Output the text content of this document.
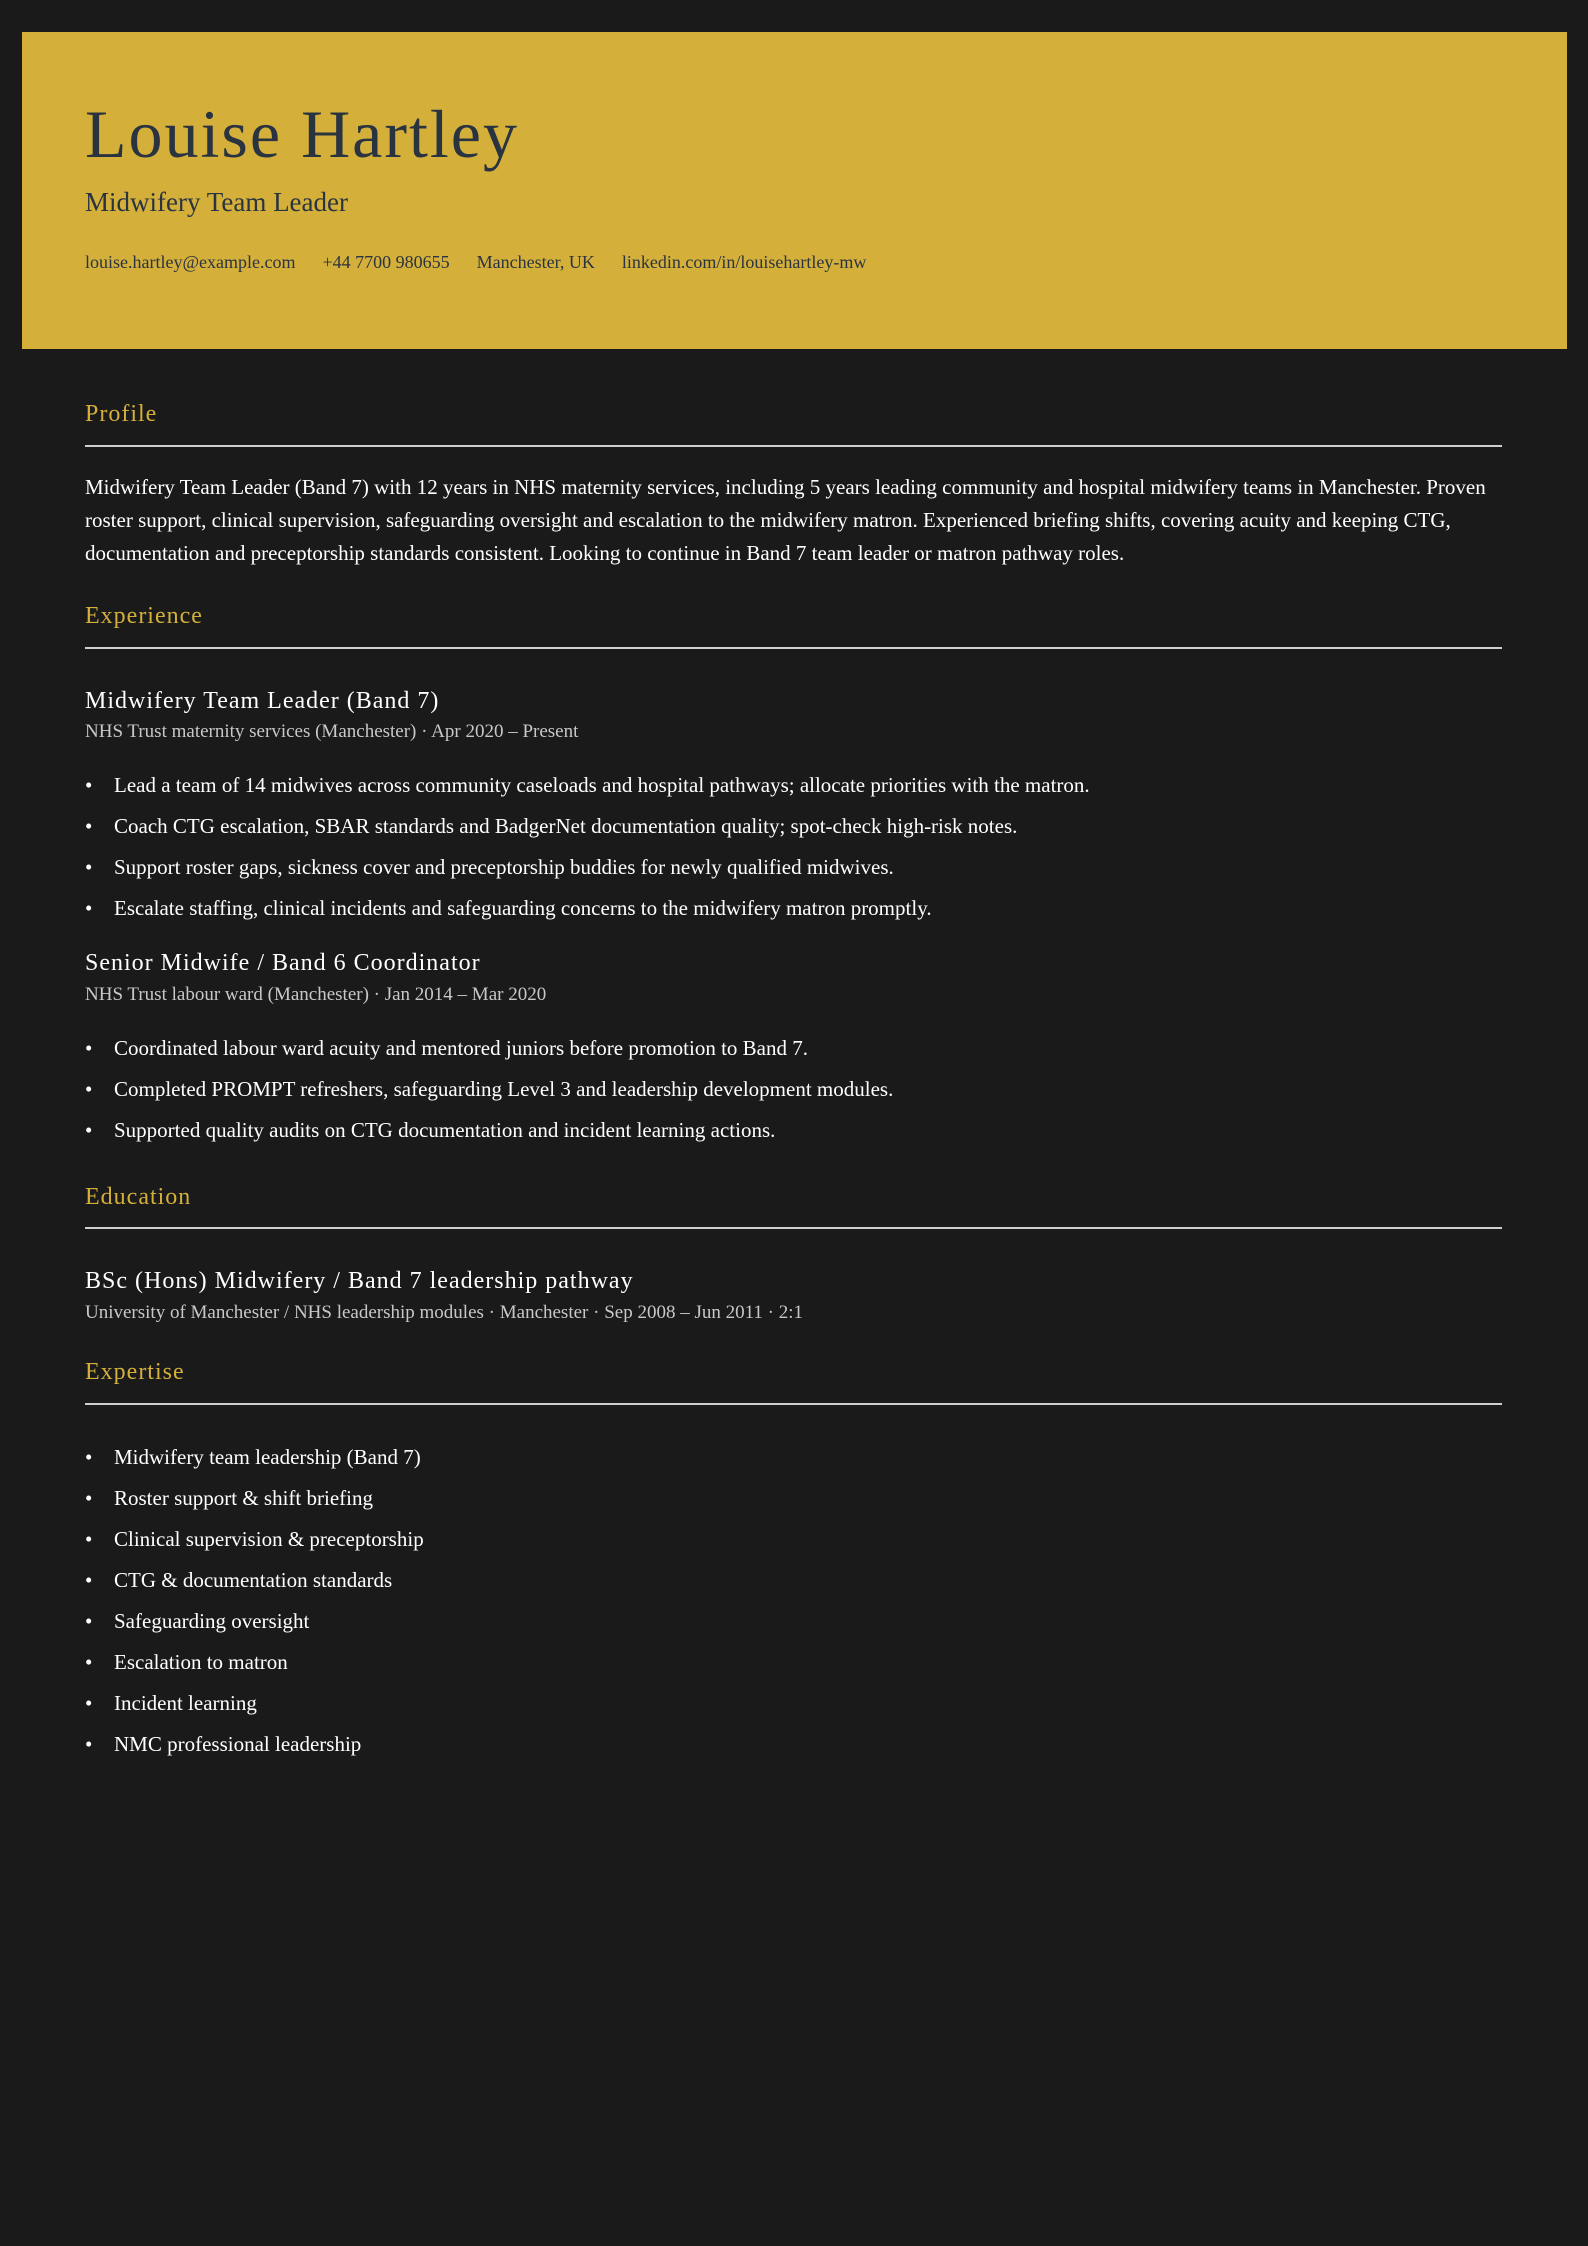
Louise Hartley
Midwifery Team Leader
louise.hartley@example.com +44 7700 980655 Manchester, UK linkedin.com/in/louisehartley-mw
Profile

Midwifery Team Leader (Band 7) with 12 years in NHS maternity services, including 5 years leading community and hospital midwifery teams in Manchester. Proven roster support, clinical supervision, safeguarding oversight and escalation to the midwifery matron. Experienced briefing shifts, covering acuity and keeping CTG, documentation and preceptorship standards consistent. Looking to continue in Band 7 team leader or matron pathway roles.

Experience
Midwifery Team Leader (Band 7)
NHS Trust maternity services (Manchester) · Apr 2020 – Present
• Lead a team of 14 midwives across community caseloads and hospital pathways; allocate priorities with the matron.
• Coach CTG escalation, SBAR standards and BadgerNet documentation quality; spot-check high-risk notes.
• Support roster gaps, sickness cover and preceptorship buddies for newly qualified midwives.
• Escalate staffing, clinical incidents and safeguarding concerns to the midwifery matron promptly.
Senior Midwife / Band 6 Coordinator
NHS Trust labour ward (Manchester) · Jan 2014 – Mar 2020
• Coordinated labour ward acuity and mentored juniors before promotion to Band 7.
• Completed PROMPT refreshers, safeguarding Level 3 and leadership development modules.
• Supported quality audits on CTG documentation and incident learning actions.
Education
BSc (Hons) Midwifery / Band 7 leadership pathway
University of Manchester / NHS leadership modules · Manchester · Sep 2008 – Jun 2011 · 2:1
Expertise
• Midwifery team leadership (Band 7)
• Roster support & shift briefing
• Clinical supervision & preceptorship
• CTG & documentation standards
• Safeguarding oversight
• Escalation to matron
• Incident learning
• NMC professional leadership
